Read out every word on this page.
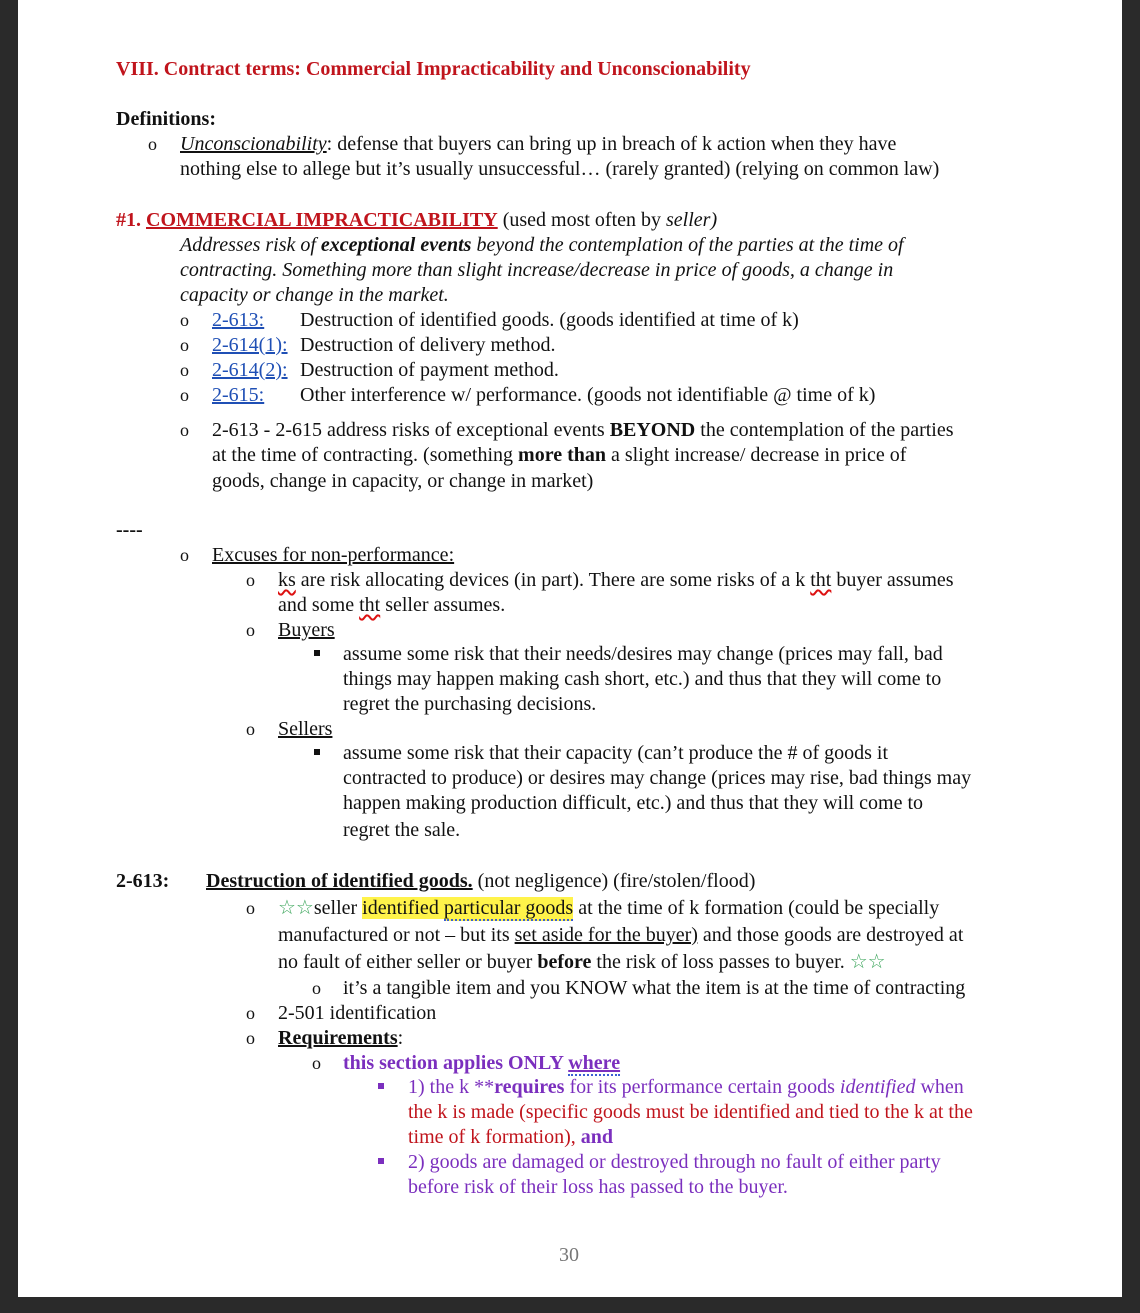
VIII. Contract terms: Commercial Impracticability and Unconscionability
Definitions:
o Unconscionability: defense that buyers can bring up in breach of k action when they have
nothing else to allege but it’s usually unsuccessful… (rarely granted) (relying on common law)
#1. COMMERCIAL IMPRACTICABILITY (used most often by seller)
Addresses risk of exceptional events beyond the contemplation of the parties at the time of
contracting. Something more than slight increase/decrease in price of goods, a change in
capacity or change in the market.
o 2-613: Destruction of identified goods. (goods identified at time of k)
o 2-614(1): Destruction of delivery method.
o 2-614(2): Destruction of payment method.
o 2-615: Other interference w/ performance. (goods not identifiable @ time of k)
o 2-613 - 2-615 address risks of exceptional events BEYOND the contemplation of the parties
at the time of contracting. (something more than a slight increase/ decrease in price of
goods, change in capacity, or change in market)
----
o Excuses for non-performance:
o ks are risk allocating devices (in part). There are some risks of a k tht buyer assumes
and some tht seller assumes.
o Buyers
assume some risk that their needs/desires may change (prices may fall, bad
things may happen making cash short, etc.) and thus that they will come to
regret the purchasing decisions.
o Sellers
assume some risk that their capacity (can’t produce the # of goods it
contracted to produce) or desires may change (prices may rise, bad things may
happen making production difficult, etc.) and thus that they will come to
regret the sale.
2-613: Destruction of identified goods. (not negligence) (fire/stolen/flood)
o ☆☆seller identified particular goods at the time of k formation (could be specially
manufactured or not – but its set aside for the buyer) and those goods are destroyed at
no fault of either seller or buyer before the risk of loss passes to buyer. ☆☆
o it’s a tangible item and you KNOW what the item is at the time of contracting
o 2-501 identification
o Requirements:
o this section applies ONLY where
1) the k **requires for its performance certain goods identified when
the k is made (specific goods must be identified and tied to the k at the
time of k formation), and
2) goods are damaged or destroyed through no fault of either party
before risk of their loss has passed to the buyer.
30
